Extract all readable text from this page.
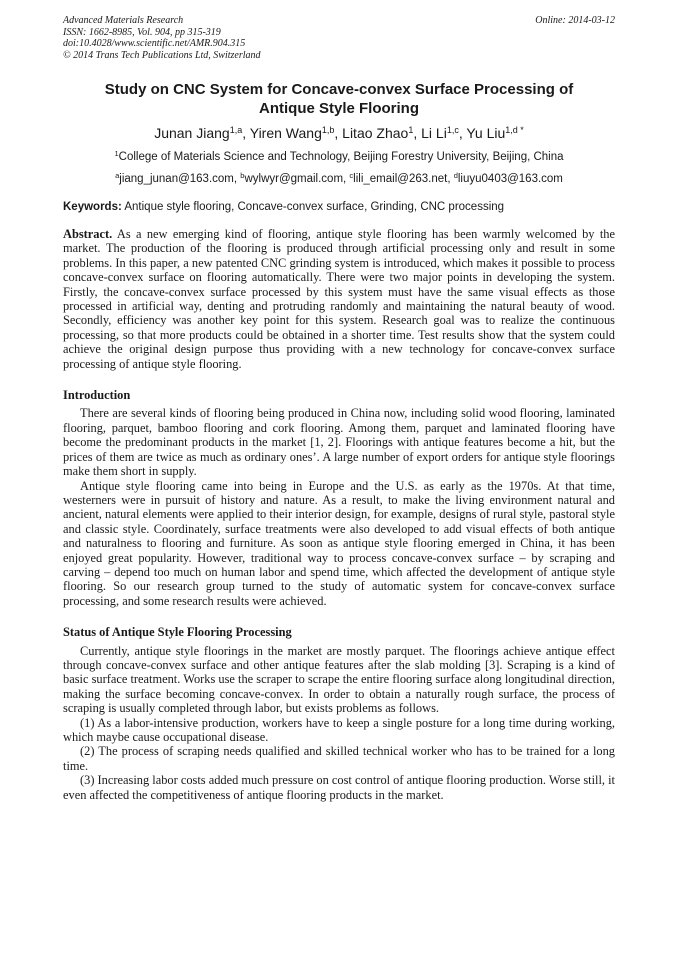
Advanced Materials Research
ISSN: 1662-8985, Vol. 904, pp 315-319
doi:10.4028/www.scientific.net/AMR.904.315
© 2014 Trans Tech Publications Ltd, Switzerland
Online: 2014-03-12
Study on CNC System for Concave-convex Surface Processing of
Antique Style Flooring
Junan Jiang$^{1,a}$, Yiren Wang$^{1,b}$, Litao Zhao$^1$, Li Li$^{1,c}$, Yu Liu$^{1,d *}$
$^1$College of Materials Science and Technology, Beijing Forestry University, Beijing, China
$^a$jiang_junan@163.com, $^b$wylwyr@gmail.com, $^c$lili_email@263.net, $^d$liuyu0403@163.com
Keywords: Antique style flooring, Concave-convex surface, Grinding, CNC processing

Abstract. As a new emerging kind of flooring, antique style flooring has been warmly welcomed by the market. The production of the flooring is produced through artificial processing only and result in some problems. In this paper, a new patented CNC grinding system is introduced, which makes it possible to process concave-convex surface on flooring automatically. There were two major points in developing the system. Firstly, the concave-convex surface processed by this system must have the same visual effects as those processed in artificial way, denting and protruding randomly and maintaining the natural beauty of wood. Secondly, efficiency was another key point for this system. Research goal was to realize the continuous processing, so that more products could be obtained in a shorter time. Test results show that the system could achieve the original design purpose thus providing with a new technology for concave-convex surface processing of antique style flooring.

Introduction

There are several kinds of flooring being produced in China now, including solid wood flooring, laminated flooring, parquet, bamboo flooring and cork flooring. Among them, parquet and laminated flooring have become the predominant products in the market [1, 2]. Floorings with antique features become a hit, but the prices of them are twice as much as ordinary ones’. A large number of export orders for antique style floorings make them short in supply.

Antique style flooring came into being in Europe and the U.S. as early as the 1970s. At that time, westerners were in pursuit of history and nature. As a result, to make the living environment natural and ancient, natural elements were applied to their interior design, for example, designs of rural style, pastoral style and classic style. Coordinately, surface treatments were also developed to add visual effects of both antique and naturalness to flooring and furniture. As soon as antique style flooring emerged in China, it has been enjoyed great popularity. However, traditional way to process concave-convex surface – by scraping and carving – depend too much on human labor and spend time, which affected the development of antique style flooring. So our research group turned to the study of automatic system for concave-convex surface processing, and some research results were achieved.

Status of Antique Style Flooring Processing

Currently, antique style floorings in the market are mostly parquet. The floorings achieve antique effect through concave-convex surface and other antique features after the slab molding [3]. Scraping is a kind of basic surface treatment. Works use the scraper to scrape the entire flooring surface along longitudinal direction, making the surface becoming concave-convex. In order to obtain a naturally rough surface, the process of scraping is usually completed through labor, but exists problems as follows.

(1) As a labor-intensive production, workers have to keep a single posture for a long time during working, which maybe cause occupational disease.

(2) The process of scraping needs qualified and skilled technical worker who has to be trained for a long time.

(3) Increasing labor costs added much pressure on cost control of antique flooring production. Worse still, it even affected the competitiveness of antique flooring products in the market.
